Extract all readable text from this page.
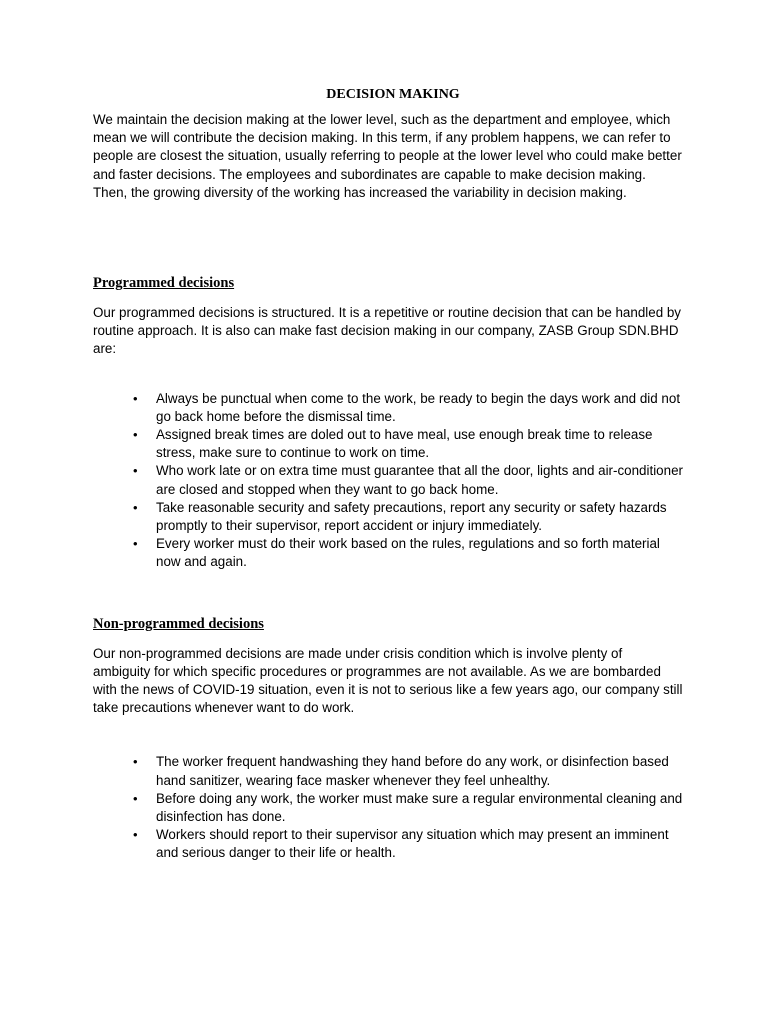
DECISION MAKING

We maintain the decision making at the lower level, such as the department and employee, which mean we will contribute the decision making. In this term, if any problem happens, we can refer to people are closest the situation, usually referring to people at the lower level who could make better and faster decisions. The employees and subordinates are capable to make decision making. Then, the growing diversity of the working has increased the variability in decision making.

Programmed decisions

Our programmed decisions is structured. It is a repetitive or routine decision that can be handled by routine approach. It is also can make fast decision making in our company, ZASB Group SDN.BHD are:

• Always be punctual when come to the work, be ready to begin the days work and did not go back home before the dismissal time.
• Assigned break times are doled out to have meal, use enough break time to release stress, make sure to continue to work on time.
• Who work late or on extra time must guarantee that all the door, lights and air-conditioner are closed and stopped when they want to go back home.
• Take reasonable security and safety precautions, report any security or safety hazards promptly to their supervisor, report accident or injury immediately.
• Every worker must do their work based on the rules, regulations and so forth material now and again.
Non-programmed decisions

Our non-programmed decisions are made under crisis condition which is involve plenty of ambiguity for which specific procedures or programmes are not available. As we are bombarded with the news of COVID-19 situation, even it is not to serious like a few years ago, our company still take precautions whenever want to do work.

• The worker frequent handwashing they hand before do any work, or disinfection based hand sanitizer, wearing face masker whenever they feel unhealthy.
• Before doing any work, the worker must make sure a regular environmental cleaning and disinfection has done.
• Workers should report to their supervisor any situation which may present an imminent and serious danger to their life or health.
